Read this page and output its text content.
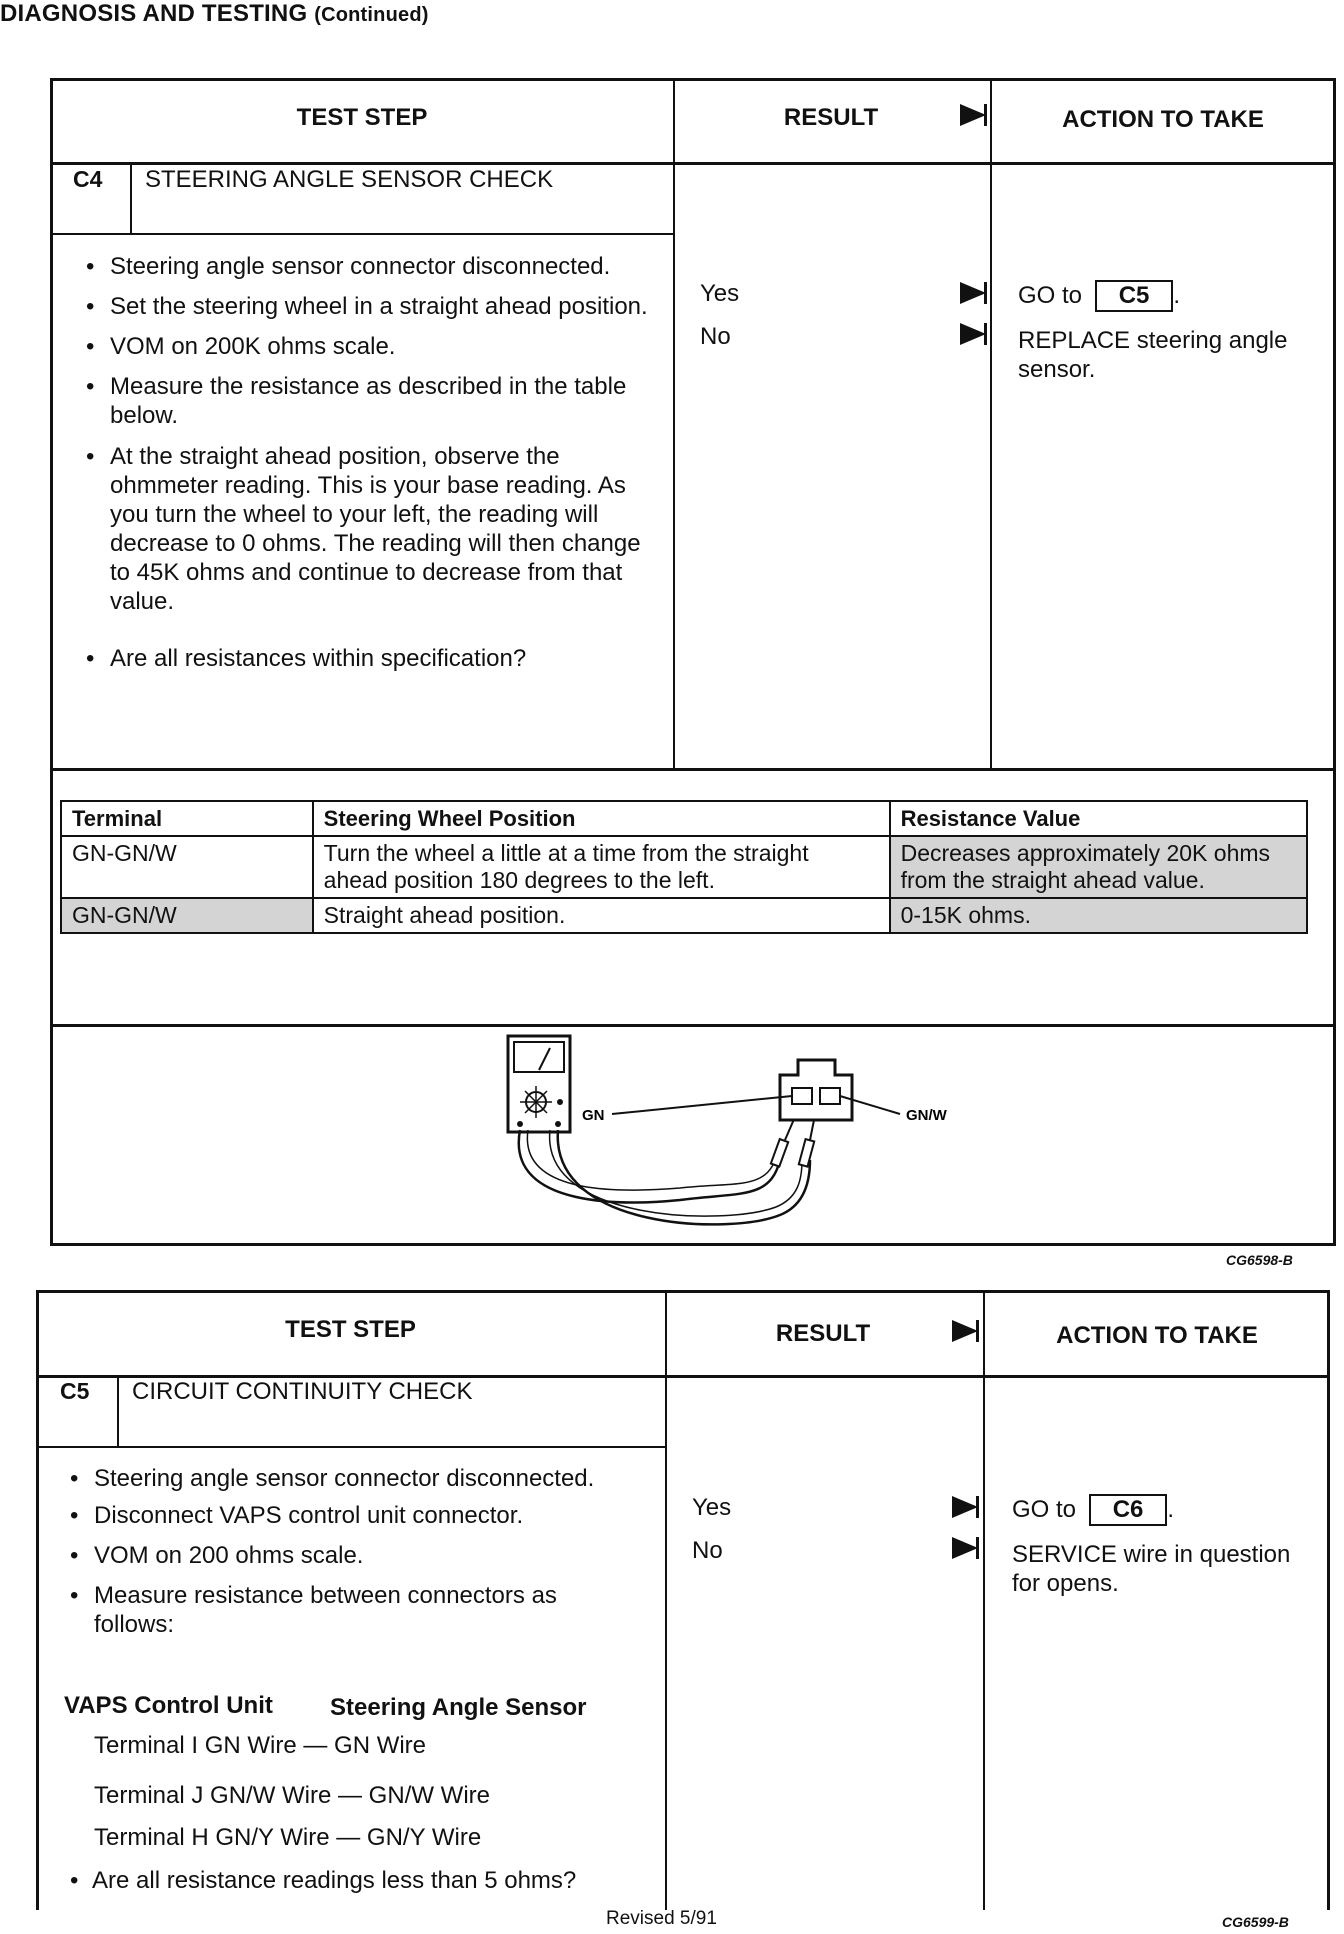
DIAGNOSIS AND TESTING (Continued)
TEST STEP	RESULT	ACTION TO TAKE
C4 STEERING ANGLE SENSOR CHECK
• Steering angle sensor connector disconnected.
• Set the steering wheel in a straight ahead position.
• VOM on 200K ohms scale.
• Measure the resistance as described in the table below.
• At the straight ahead position, observe the ohmmeter reading. This is your base reading. As you turn the wheel to your left, the reading will decrease to 0 ohms. The reading will then change to 45K ohms and continue to decrease from that value.
• Are all resistances within specification?
Yes
No
GO to C5 .
REPLACE steering angle sensor.
Terminal	Steering Wheel Position	Resistance Value
GN-GN/W	Turn the wheel a little at a time from the straight ahead position 180 degrees to the left.	Decreases approximately 20K ohms from the straight ahead value.
GN-GN/W	Straight ahead position.	0-15K ohms.
GN	GN/W
CG6598-B
TEST STEP	RESULT	ACTION TO TAKE
C5 CIRCUIT CONTINUITY CHECK
• Steering angle sensor connector disconnected.
• Disconnect VAPS control unit connector.
• VOM on 200 ohms scale.
• Measure resistance between connectors as follows:
VAPS Control Unit Steering Angle Sensor
Terminal I GN Wire — GN Wire
Terminal J GN/W Wire — GN/W Wire
Terminal H GN/Y Wire — GN/Y Wire
• Are all resistance readings less than 5 ohms?
Yes
No
GO to C6 .
SERVICE wire in question for opens.
Revised 5/91	CG6599-B
